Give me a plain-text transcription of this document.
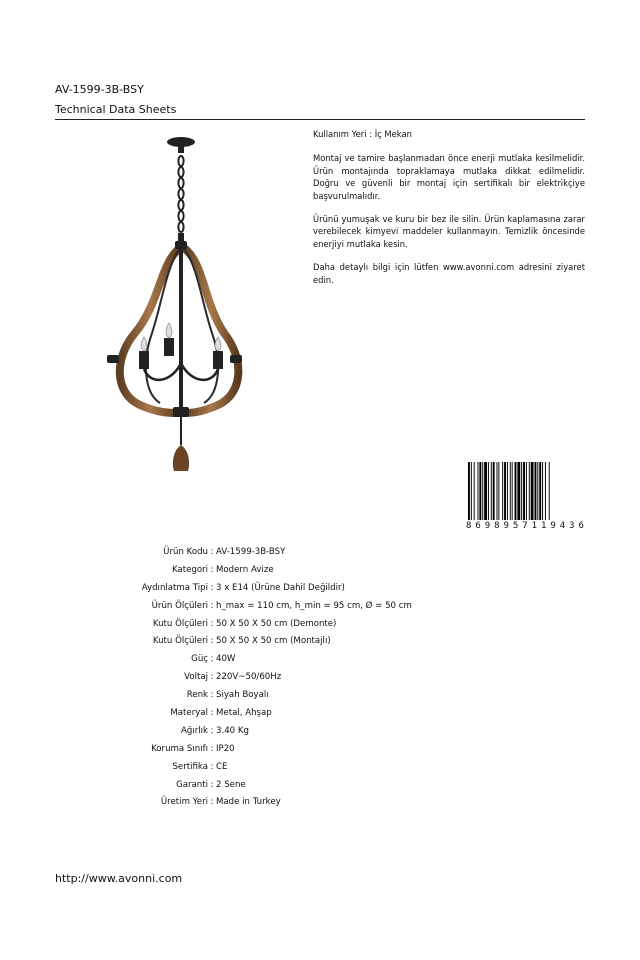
AV-1599-3B-BSY
Technical Data Sheets

Kullanım Yeri : İç Mekan

Montaj ve tamire başlanmadan önce enerji mutlaka kesilmelidir. Ürün montajında topraklamaya mutlaka dikkat edilmelidir. Doğru ve güvenli bir montaj için sertifikalı bir elektrikçiye başvurulmalıdır.

Ürünü yumuşak ve kuru bir bez ile silin. Ürün kaplamasına zarar verebilecek kimyevi maddeler kullanmayın. Temizlik öncesinde enerjiyi mutlaka kesin.

Daha detaylı bilgi için lütfen www.avonni.com adresini ziyaret edin.

8 6 9 8 9 5 7 1 1 9 4 3 6
Ürün Kodu : AV-1599-3B-BSY
Kategori : Modern Avize
Aydınlatma Tipi : 3 x E14 (Ürüne Dahil Değildir)
Ürün Ölçüleri : h_max = 110 cm, h_min = 95 cm, Ø = 50 cm
Kutu Ölçüleri : 50 X 50 X 50 cm (Demonte)
Kutu Ölçüleri : 50 X 50 X 50 cm (Montajlı)
Güç : 40W
Voltaj : 220V~50/60Hz
Renk : Siyah Boyalı
Materyal : Metal, Ahşap
Ağırlık : 3.40 Kg
Koruma Sınıfı : IP20
Sertifika : CE
Garanti : 2 Sene
Üretim Yeri : Made in Turkey
http://www.avonni.com
